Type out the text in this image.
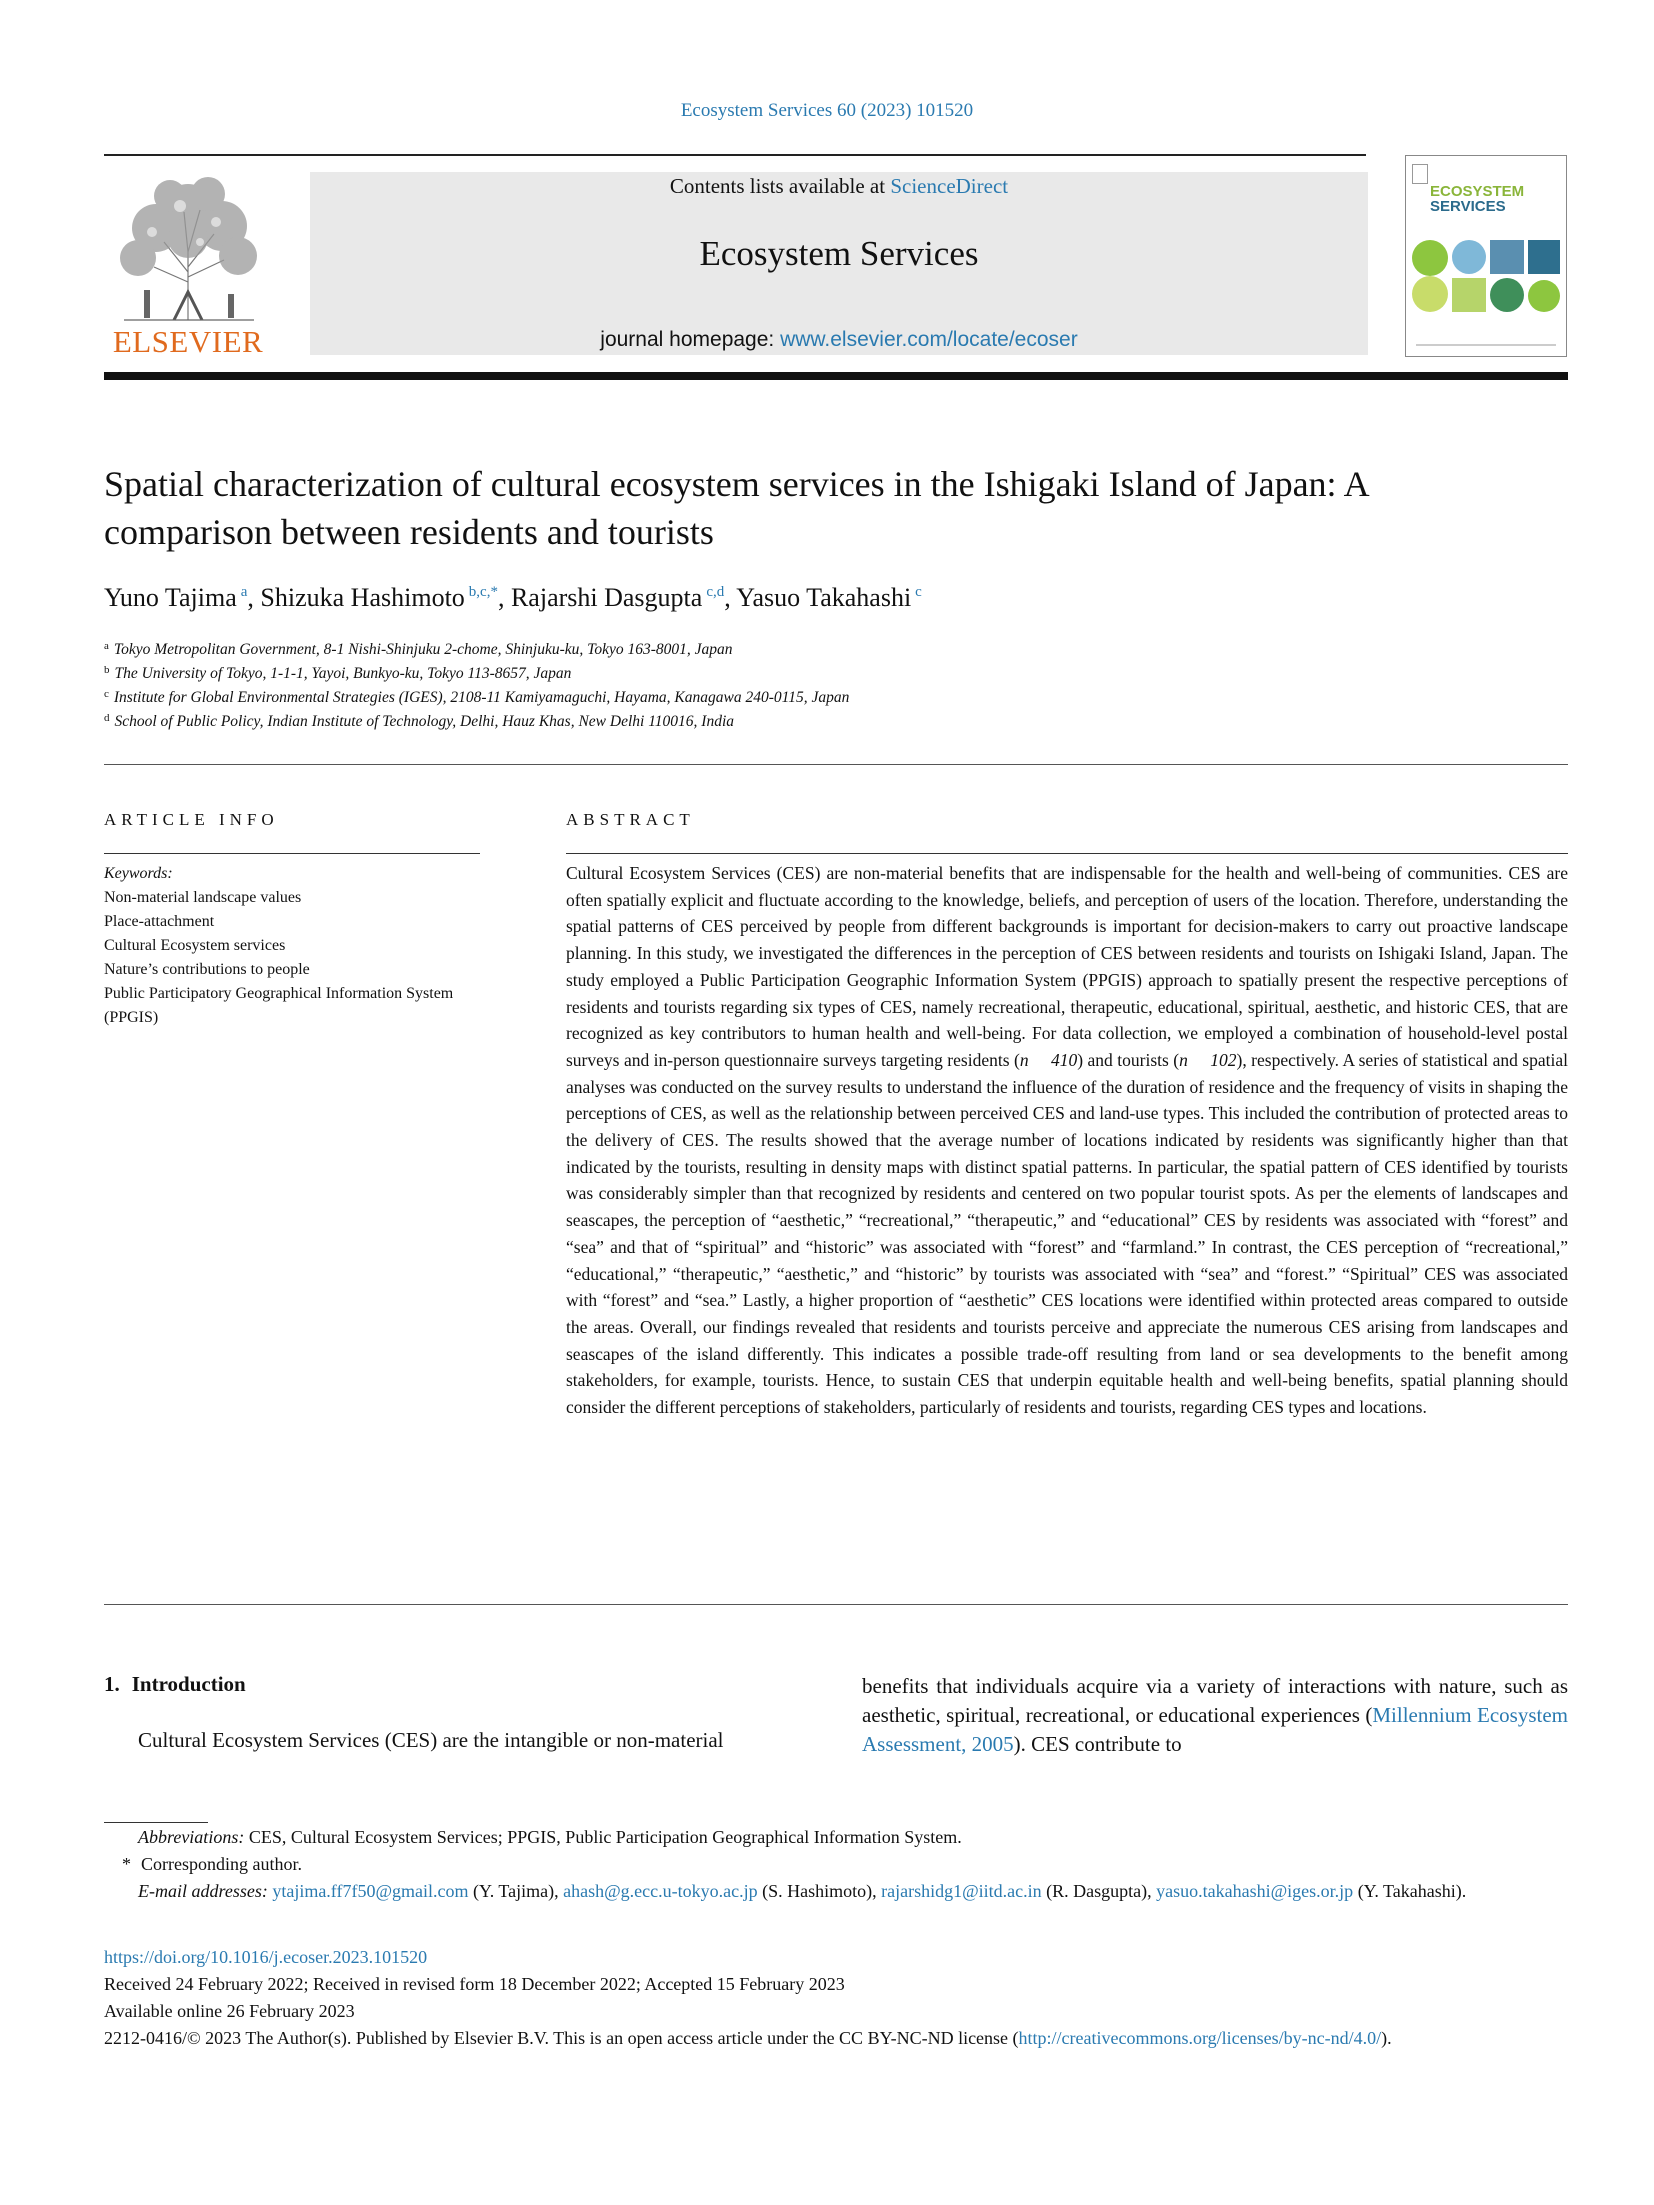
Ecosystem Services 60 (2023) 101520
ELSEVIER
Contents lists available at ScienceDirect
Ecosystem Services
journal homepage: www.elsevier.com/locate/ecoser
ECOSYSTEM
SERVICES
Spatial characterization of cultural ecosystem services in the Ishigaki Island of Japan: A comparison between residents and tourists
Yuno Tajima $^a$, Shizuka Hashimoto $^{b,c,*}$, Rajarshi Dasgupta $^{c,d}$, Yasuo Takahashi $^c$
$^a$ Tokyo Metropolitan Government, 8-1 Nishi-Shinjuku 2-chome, Shinjuku-ku, Tokyo 163-8001, Japan
$^b$ The University of Tokyo, 1-1-1, Yayoi, Bunkyo-ku, Tokyo 113-8657, Japan
$^c$ Institute for Global Environmental Strategies (IGES), 2108-11 Kamiyamaguchi, Hayama, Kanagawa 240-0115, Japan
$^d$ School of Public Policy, Indian Institute of Technology, Delhi, Hauz Khas, New Delhi 110016, India
ARTICLE INFO	ABSTRACT
Keywords:
Non-material landscape values
Place-attachment
Cultural Ecosystem services
Nature’s contributions to people
Public Participatory Geographical Information System (PPGIS)
Cultural Ecosystem Services (CES) are non-material benefits that are indispensable for the health and well-being of communities. CES are often spatially explicit and fluctuate according to the knowledge, beliefs, and perception of users of the location. Therefore, understanding the spatial patterns of CES perceived by people from different backgrounds is important for decision-makers to carry out proactive landscape planning. In this study, we investigated the differences in the perception of CES between residents and tourists on Ishigaki Island, Japan. The study employed a Public Participation Geographic Information System (PPGIS) approach to spatially present the respective perceptions of residents and tourists regarding six types of CES, namely recreational, therapeutic, educational, spiritual, aesthetic, and historic CES, that are recognized as key contributors to human health and well-being. For data collection, we employed a combination of household-level postal surveys and in-person questionnaire surveys targeting residents (n     410) and tourists (n     102), respectively. A series of statistical and spatial analyses was conducted on the survey results to understand the influence of the duration of residence and the frequency of visits in shaping the perceptions of CES, as well as the relationship between perceived CES and land-use types. This included the contribution of protected areas to the delivery of CES. The results showed that the average number of locations indicated by residents was significantly higher than that indicated by the tourists, resulting in density maps with distinct spatial patterns. In particular, the spatial pattern of CES identified by tourists was considerably simpler than that recognized by residents and centered on two popular tourist spots. As per the elements of landscapes and seascapes, the perception of “aesthetic,” “recreational,” “therapeutic,” and “educational” CES by residents was associated with “forest” and “sea” and that of “spiritual” and “historic” was associated with “forest” and “farmland.” In contrast, the CES perception of “recreational,” “educational,” “therapeutic,” “aesthetic,” and “historic” by tourists was associated with “sea” and “forest.” “Spiritual” CES was associated with “forest” and “sea.” Lastly, a higher proportion of “aesthetic” CES locations were identified within protected areas compared to outside the areas. Overall, our findings revealed that residents and tourists perceive and appreciate the numerous CES arising from landscapes and seascapes of the island differently. This indicates a possible trade-off resulting from land or sea developments to the benefit among stakeholders, for example, tourists. Hence, to sustain CES that underpin equitable health and well-being benefits, spatial planning should consider the different perceptions of stakeholders, particularly of residents and tourists, regarding CES types and locations.
1. Introduction
Cultural Ecosystem Services (CES) are the intangible or non-material
benefits that individuals acquire via a variety of interactions with nature, such as aesthetic, spiritual, recreational, or educational experiences (Millennium Ecosystem Assessment, 2005). CES contribute to
Abbreviations: CES, Cultural Ecosystem Services; PPGIS, Public Participation Geographical Information System.
* Corresponding author.
E-mail addresses: ytajima.ff7f50@gmail.com (Y. Tajima), ahash@g.ecc.u-tokyo.ac.jp (S. Hashimoto), rajarshidg1@iitd.ac.in (R. Dasgupta), yasuo.takahashi@iges.or.jp (Y. Takahashi).
https://doi.org/10.1016/j.ecoser.2023.101520
Received 24 February 2022; Received in revised form 18 December 2022; Accepted 15 February 2023
Available online 26 February 2023
2212-0416/© 2023 The Author(s). Published by Elsevier B.V. This is an open access article under the CC BY-NC-ND license (http://creativecommons.org/licenses/by-nc-nd/4.0/).
